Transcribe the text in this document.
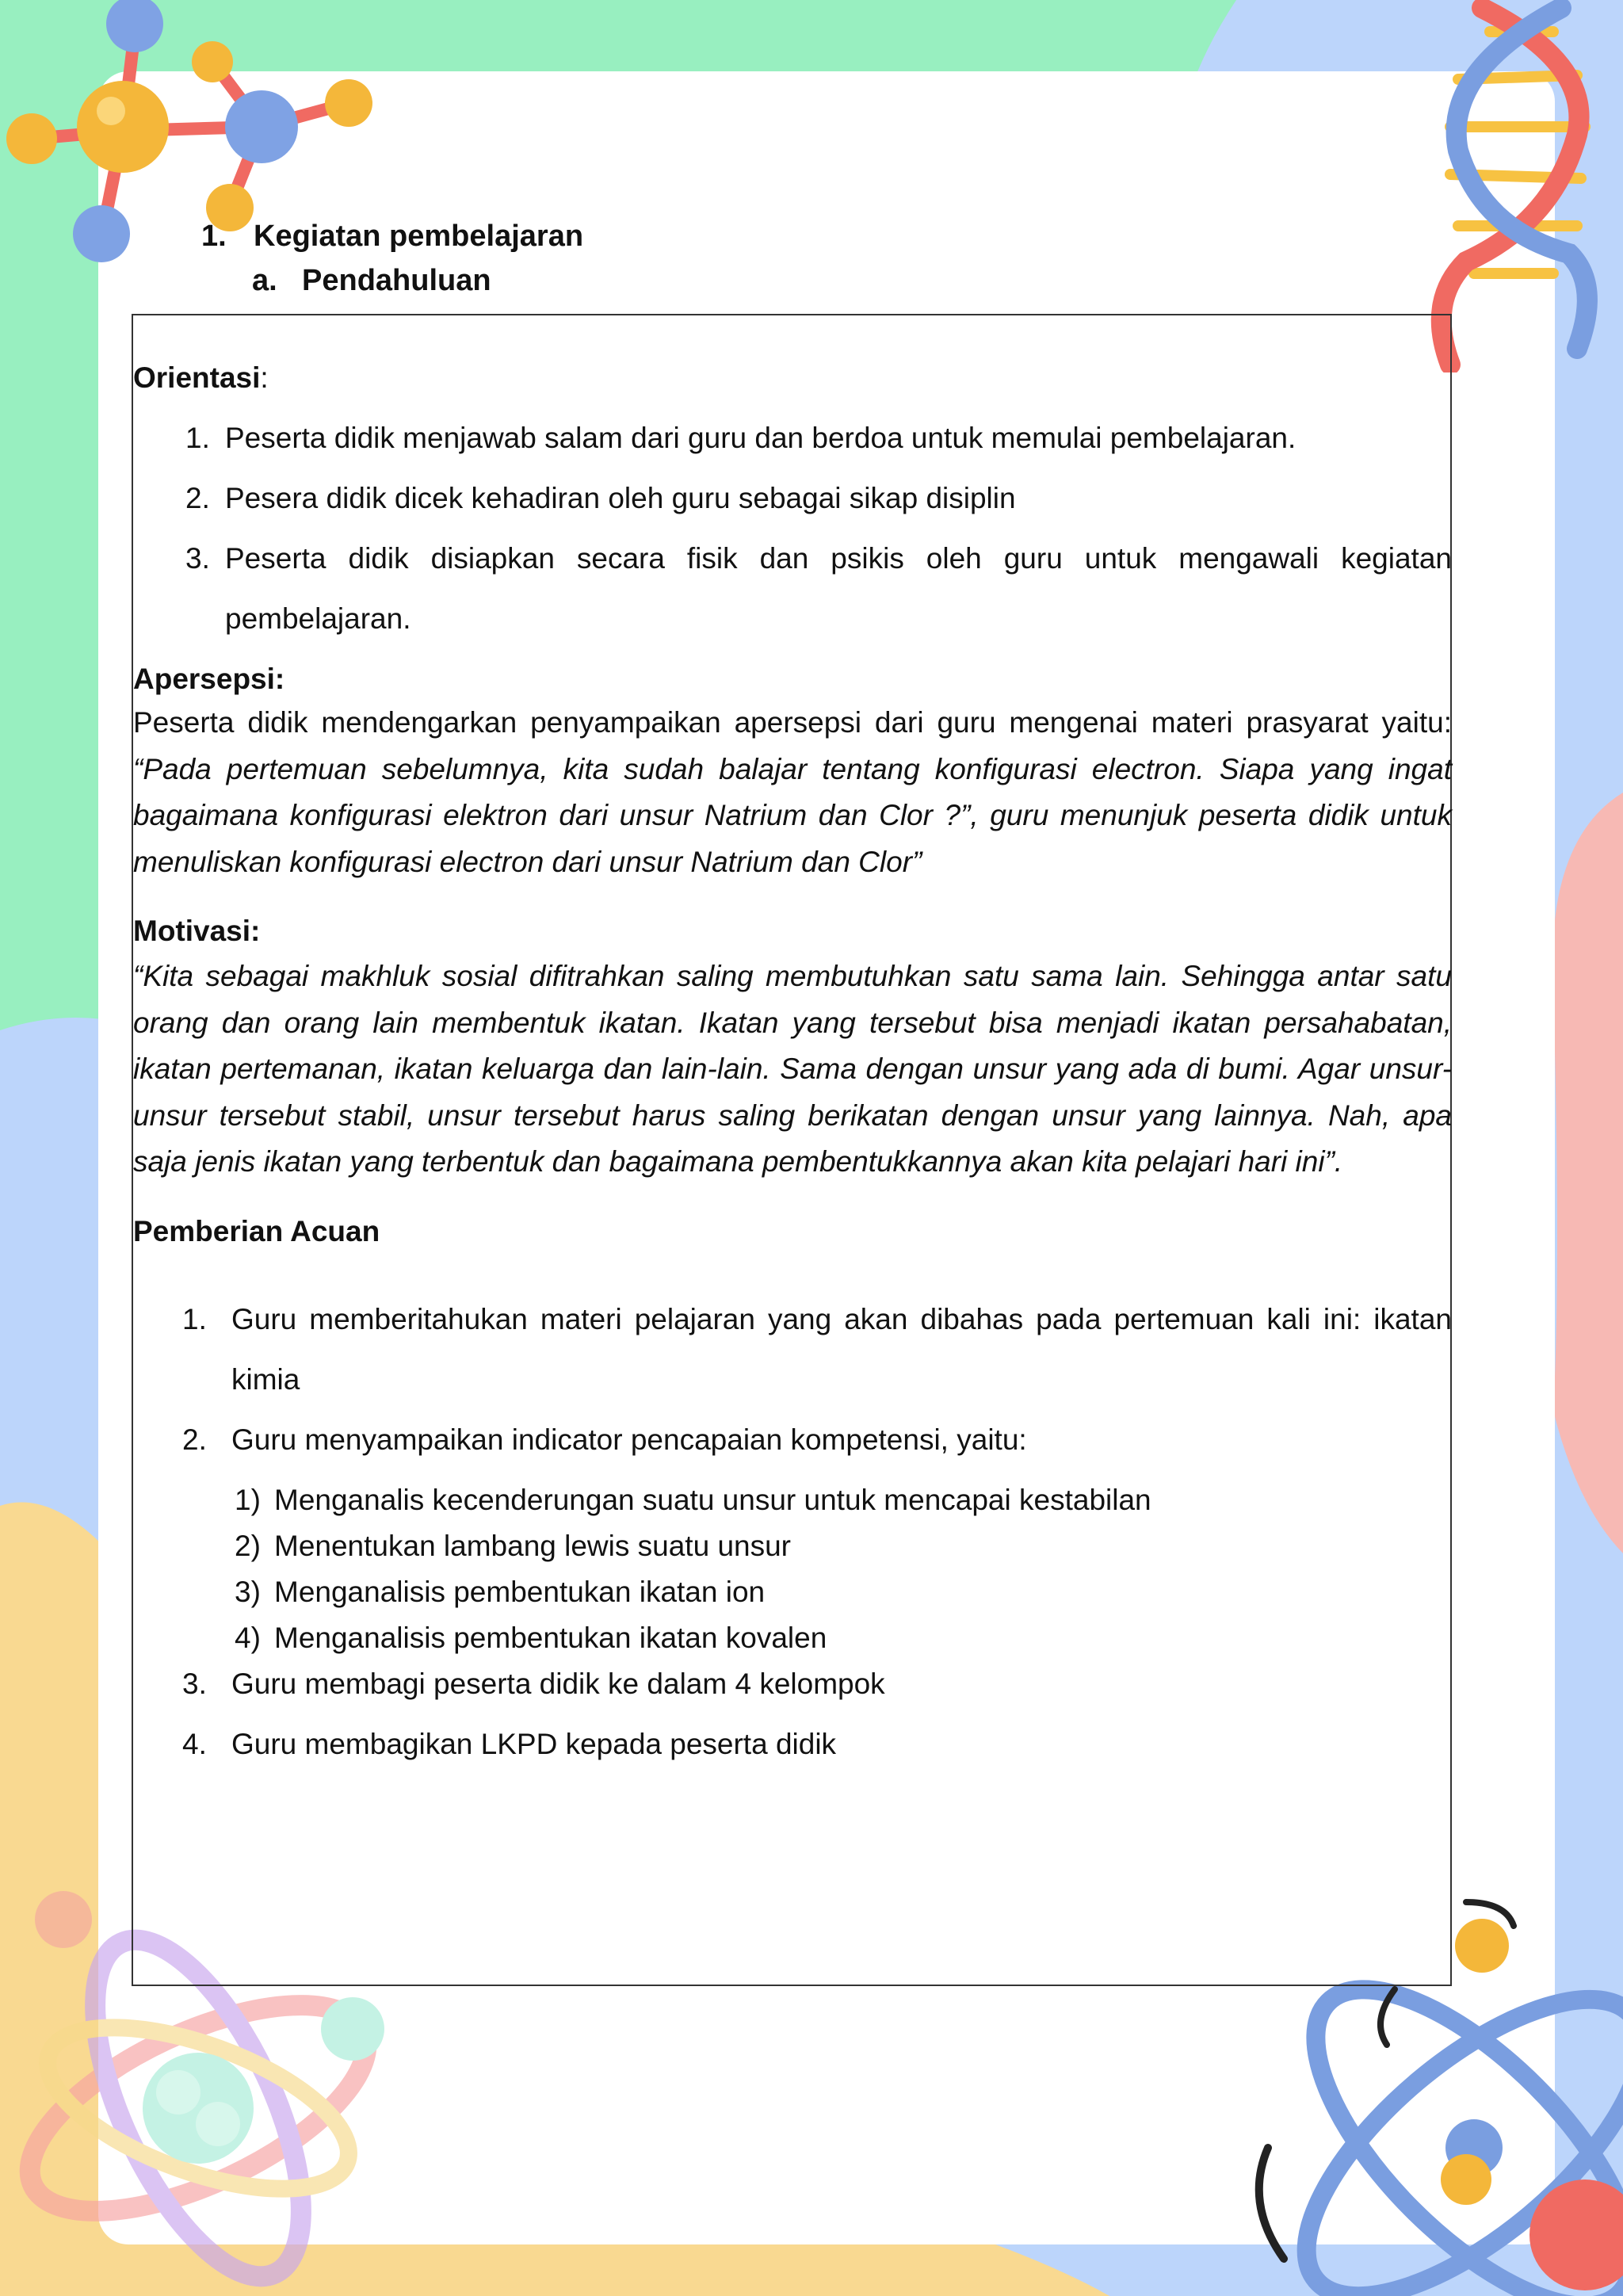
1. Kegiatan pembelajaran
a. Pendahuluan
Orientasi:
1. Peserta didik menjawab salam dari guru dan berdoa untuk memulai pembelajaran.
2. Pesera didik dicek kehadiran oleh guru sebagai sikap disiplin
3. Peserta didik disiapkan secara fisik dan psikis oleh guru untuk mengawali kegiatan
pembelajaran.
Apersepsi:
Peserta didik mendengarkan penyampaikan apersepsi dari guru mengenai materi prasyarat yaitu: “Pada pertemuan sebelumnya, kita sudah balajar tentang konfigurasi electron. Siapa yang ingat bagaimana konfigurasi elektron dari unsur Natrium dan Clor ?”, guru menunjuk peserta didik untuk menuliskan konfigurasi electron dari unsur Natrium dan Clor”
Motivasi:
“Kita sebagai makhluk sosial difitrahkan saling membutuhkan satu sama lain. Sehingga antar satu orang dan orang lain membentuk ikatan. Ikatan yang tersebut bisa menjadi ikatan persahabatan, ikatan pertemanan, ikatan keluarga dan lain-lain. Sama dengan unsur yang ada di bumi. Agar unsur-unsur tersebut stabil, unsur tersebut harus saling berikatan dengan unsur yang lainnya. Nah, apa saja jenis ikatan yang terbentuk dan bagaimana pembentukkannya akan kita pelajari hari ini”.
Pemberian Acuan
1. Guru memberitahukan materi pelajaran yang akan dibahas pada pertemuan kali ini: ikatan
kimia
2. Guru menyampaikan indicator pencapaian kompetensi, yaitu:
1) Menganalis kecenderungan suatu unsur untuk mencapai kestabilan
2) Menentukan lambang lewis suatu unsur
3) Menganalisis pembentukan ikatan ion
4) Menganalisis pembentukan ikatan kovalen
3. Guru membagi peserta didik ke dalam 4 kelompok
4. Guru membagikan LKPD kepada peserta didik
